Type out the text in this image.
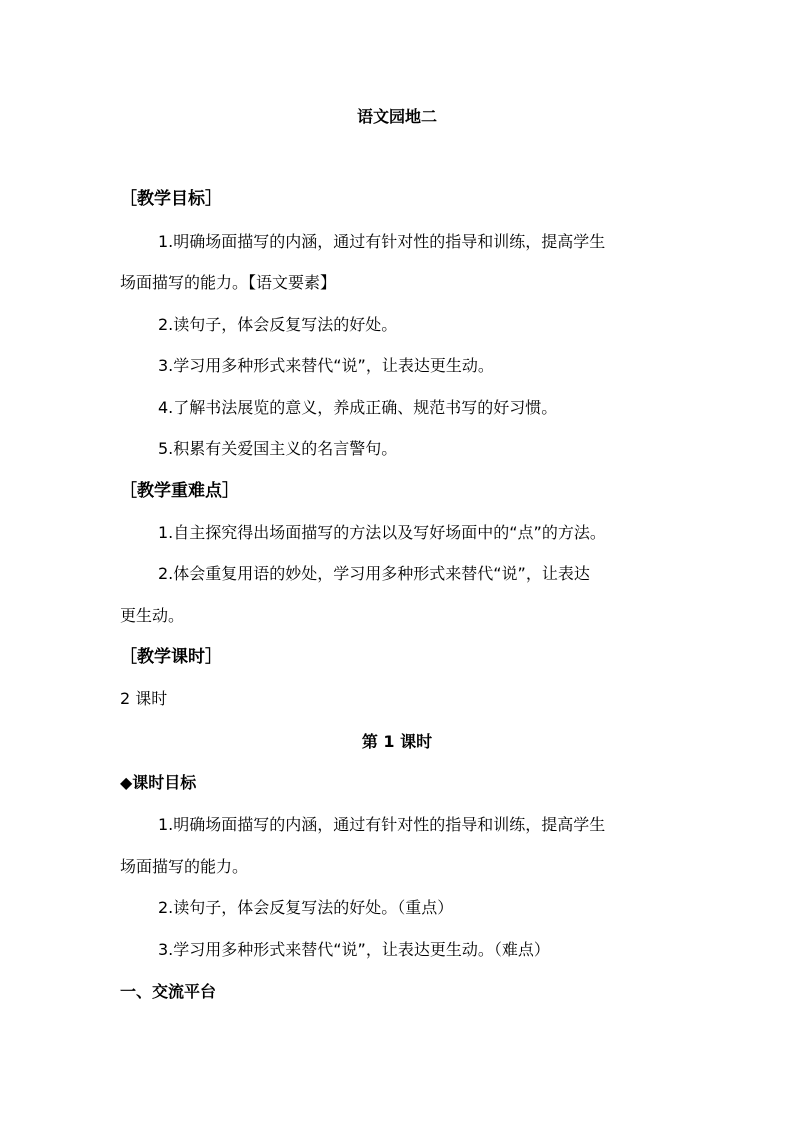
语文园地二
［教学目标］
1.明确场面描写的内涵，通过有针对性的指导和训练，提高学生
场面描写的能力。【语文要素】
2.读句子，体会反复写法的好处。
3.学习用多种形式来替代“说”，让表达更生动。
4.了解书法展览的意义，养成正确、规范书写的好习惯。
5.积累有关爱国主义的名言警句。
［教学重难点］
1.自主探究得出场面描写的方法以及写好场面中的“点”的方法。
2.体会重复用语的妙处，学习用多种形式来替代“说”，让表达
更生动。
［教学课时］
2 课时
第 1 课时
◆课时目标
1.明确场面描写的内涵，通过有针对性的指导和训练，提高学生
场面描写的能力。
2.读句子，体会反复写法的好处。（重点）
3.学习用多种形式来替代“说”，让表达更生动。（难点）
一、交流平台
